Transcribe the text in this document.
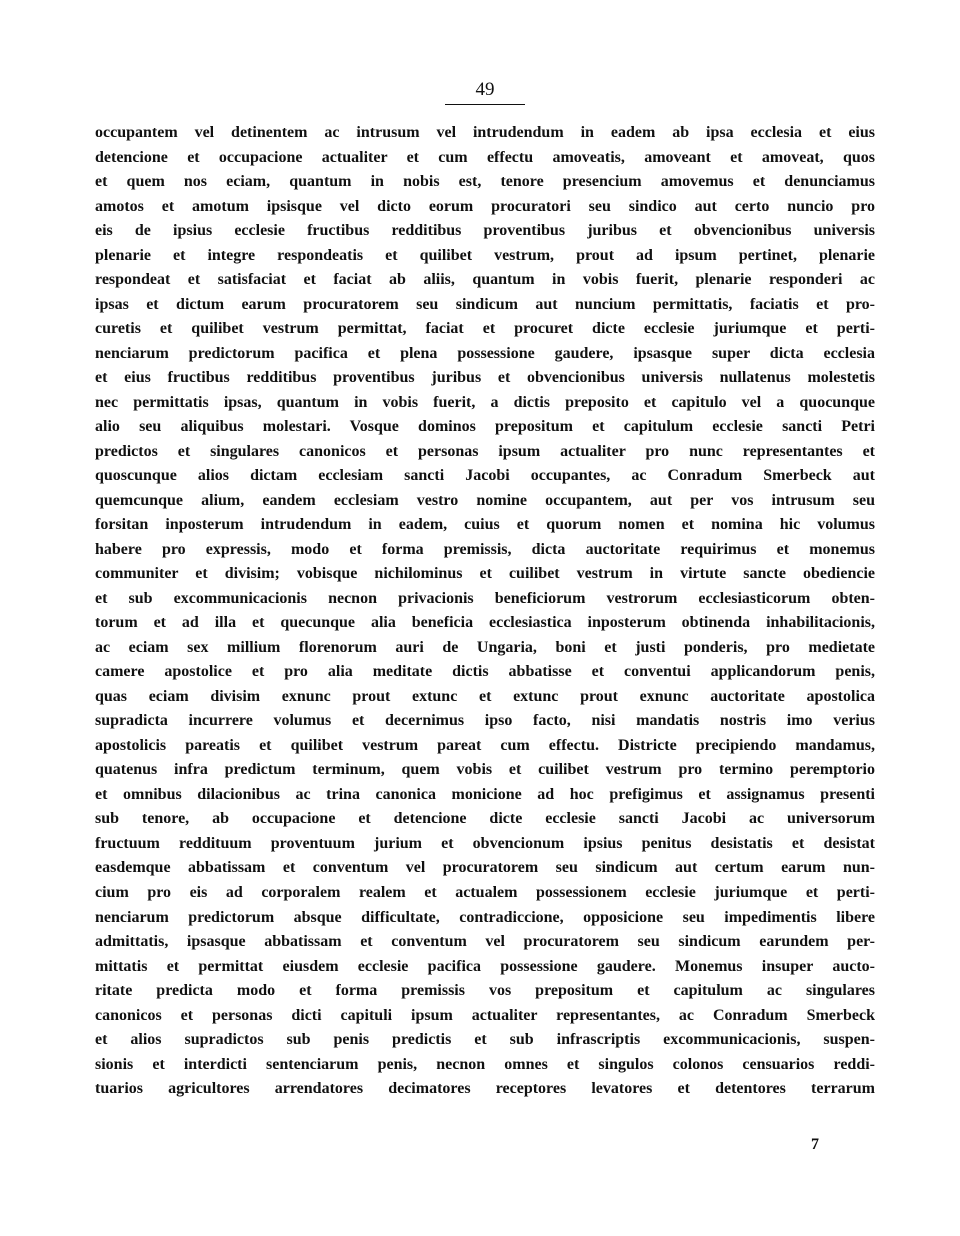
49
occupantem vel detinentem ac intrusum vel intrudendum in eadem ab ipsa ecclesia et eius
detencione et occupacione actualiter et cum effectu amoveatis, amoveant et amoveat, quos
et quem nos eciam, quantum in nobis est, tenore presencium amovemus et denunciamus
amotos et amotum ipsisque vel dicto eorum procuratori seu sindico aut certo nuncio pro
eis de ipsius ecclesie fructibus redditibus proventibus juribus et obvencionibus universis
plenarie et integre respondeatis et quilibet vestrum, prout ad ipsum pertinet, plenarie
respondeat et satisfaciat et faciat ab aliis, quantum in vobis fuerit, plenarie responderi ac
ipsas et dictum earum procuratorem seu sindicum aut nuncium permittatis, faciatis et pro-
curetis et quilibet vestrum permittat, faciat et procuret dicte ecclesie juriumque et perti-
nenciarum predictorum pacifica et plena possessione gaudere, ipsasque super dicta ecclesia
et eius fructibus redditibus proventibus juribus et obvencionibus universis nullatenus molestetis
nec permittatis ipsas, quantum in vobis fuerit, a dictis preposito et capitulo vel a quocunque
alio seu aliquibus molestari. Vosque dominos prepositum et capitulum ecclesie sancti Petri
predictos et singulares canonicos et personas ipsum actualiter pro nunc representantes et
quoscunque alios dictam ecclesiam sancti Jacobi occupantes, ac Conradum Smerbeck aut
quemcunque alium, eandem ecclesiam vestro nomine occupantem, aut per vos intrusum seu
forsitan inposterum intrudendum in eadem, cuius et quorum nomen et nomina hic volumus
habere pro expressis, modo et forma premissis, dicta auctoritate requirimus et monemus
communiter et divisim; vobisque nichilominus et cuilibet vestrum in virtute sancte obediencie
et sub excommunicacionis necnon privacionis beneficiorum vestrorum ecclesiasticorum obten-
torum et ad illa et quecunque alia beneficia ecclesiastica inposterum obtinenda inhabilitacionis,
ac eciam sex millium florenorum auri de Ungaria, boni et justi ponderis, pro medietate
camere apostolice et pro alia meditate dictis abbatisse et conventui applicandorum penis,
quas eciam divisim exnunc prout extunc et extunc prout exnunc auctoritate apostolica
supradicta incurrere volumus et decernimus ipso facto, nisi mandatis nostris imo verius
apostolicis pareatis et quilibet vestrum pareat cum effectu. Districte precipiendo mandamus,
quatenus infra predictum terminum, quem vobis et cuilibet vestrum pro termino peremptorio
et omnibus dilacionibus ac trina canonica monicione ad hoc prefigimus et assignamus presenti
sub tenore, ab occupacione et detencione dicte ecclesie sancti Jacobi ac universorum
fructuum reddituum proventuum jurium et obvencionum ipsius penitus desistatis et desistat
easdemque abbatissam et conventum vel procuratorem seu sindicum aut certum earum nun-
cium pro eis ad corporalem realem et actualem possessionem ecclesie juriumque et perti-
nenciarum predictorum absque difficultate, contradiccione, opposicione seu impedimentis libere
admittatis, ipsasque abbatissam et conventum vel procuratorem seu sindicum earundem per-
mittatis et permittat eiusdem ecclesie pacifica possessione gaudere. Monemus insuper aucto-
ritate predicta modo et forma premissis vos prepositum et capitulum ac singulares
canonicos et personas dicti capituli ipsum actualiter representantes, ac Conradum Smerbeck
et alios supradictos sub penis predictis et sub infrascriptis excommunicacionis, suspen-
sionis et interdicti sentenciarum penis, necnon omnes et singulos colonos censuarios reddi-
tuarios agricultores arrendatores decimatores receptores levatores et detentores terrarum
7
